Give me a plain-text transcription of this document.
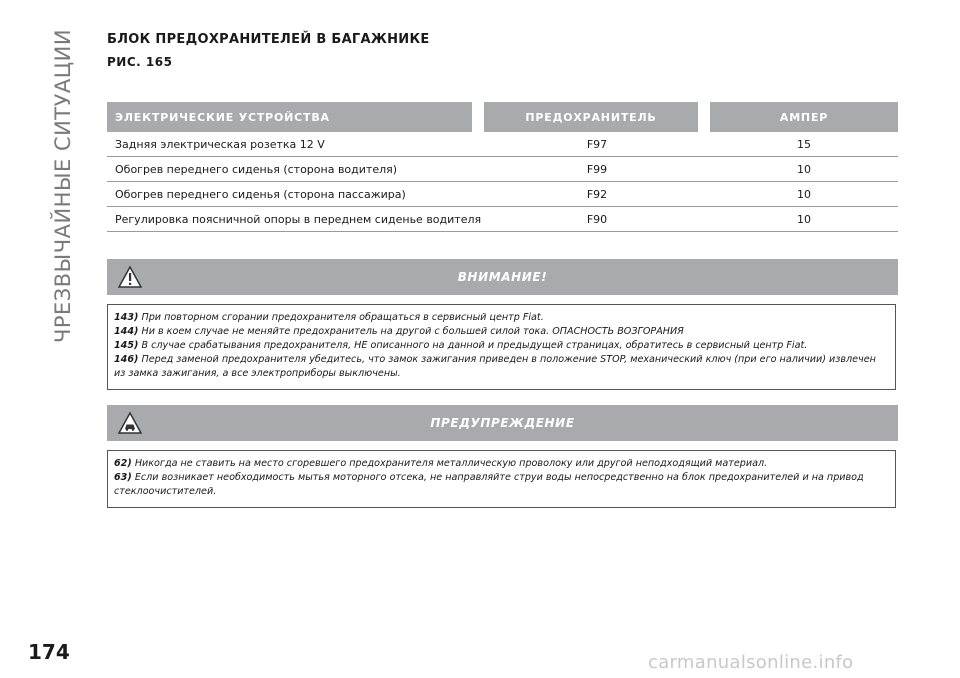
ЧРЕЗВЫЧАЙНЫЕ СИТУАЦИИ БЛОК ПРЕДОХРАНИТЕЛЕЙ В БАГАЖНИКЕ
РИС. 165
ЭЛЕКТРИЧЕСКИЕ УСТРОЙСТВА	ПРЕДОХРАНИТЕЛЬ	АМПЕР
Задняя электрическая розетка 12 V	F97	15
Обогрев переднего сиденья (сторона водителя)	F99	10
Обогрев переднего сиденья (сторона пассажира)	F92	10
Регулировка поясничной опоры в переднем сиденье водителя	F90	10
ВНИМАНИЕ!

143) При повторном сгорании предохранителя обращаться в сервисный центр Fiat.

144) Ни в коем случае не меняйте предохранитель на другой с большей силой тока. ОПАСНОСТЬ ВОЗГОРАНИЯ

145) В случае срабатывания предохранителя, НЕ описанного на данной и предыдущей страницах, обратитесь в сервисный центр Fiat.

146) Перед заменой предохранителя убедитесь, что замок зажигания приведен в положение STOP, механический ключ (при его наличии) извлечен из замка зажигания, а все электроприборы выключены.

ПРЕДУПРЕЖДЕНИЕ

62) Никогда не ставить на место сгоревшего предохранителя металлическую проволоку или другой неподходящий материал.

63) Если возникает необходимость мытья моторного отсека, не направляйте струи воды непосредственно на блок предохранителей и на привод стеклоочистителей.

174	carmanualsonline.info
